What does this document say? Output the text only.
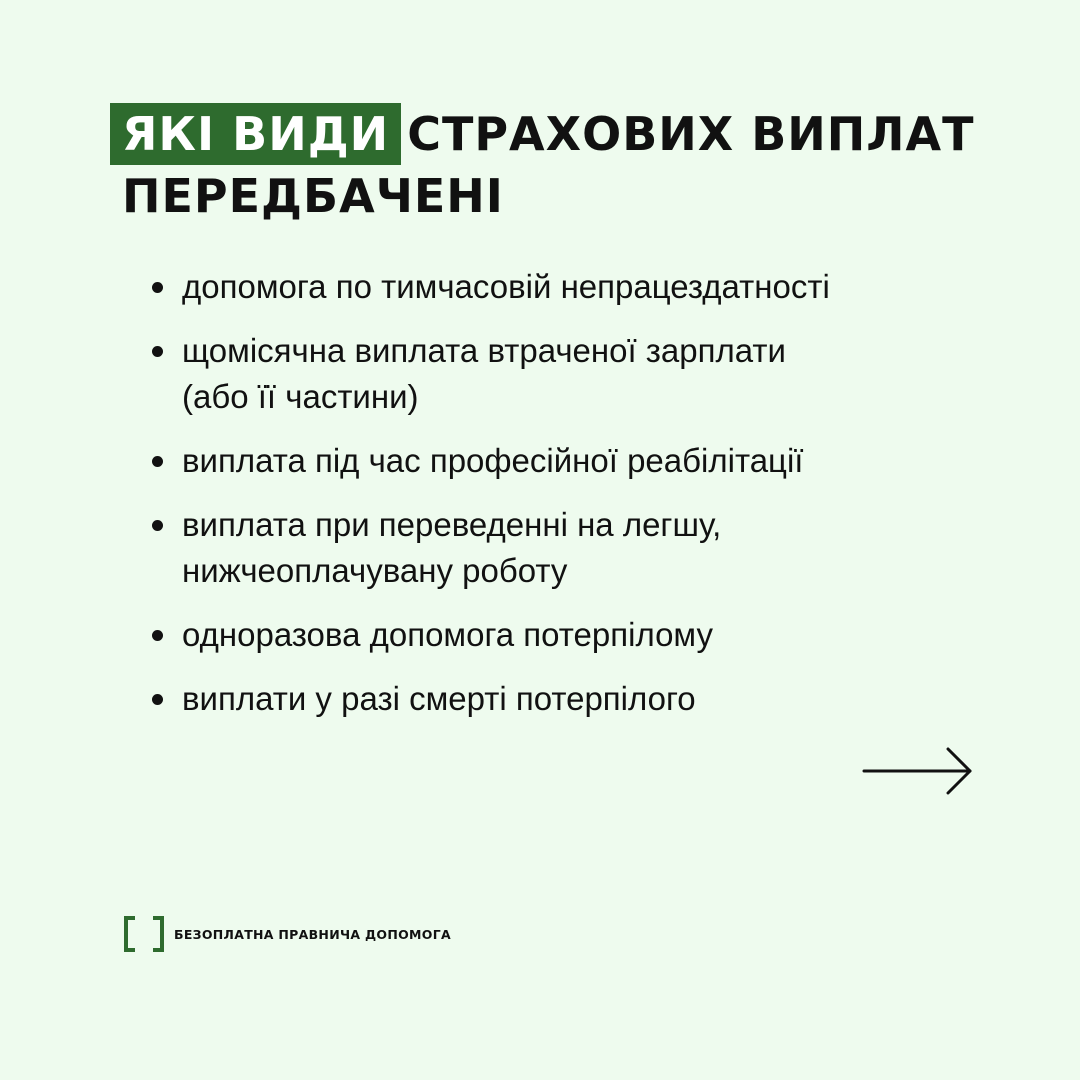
ЯКІ ВИДИ СТРАХОВИХ ВИПЛАТ
ПЕРЕДБАЧЕНІ
допомога по тимчасовій непрацездатності
щомісячна виплата втраченої зарплати
(або її частини)
виплата під час професійної реабілітації
виплата при переведенні на легшу,
нижчеоплачувану роботу
одноразова допомога потерпілому
виплати у разі смерті потерпілого
БЕЗОПЛАТНА ПРАВНИЧА ДОПОМОГА
